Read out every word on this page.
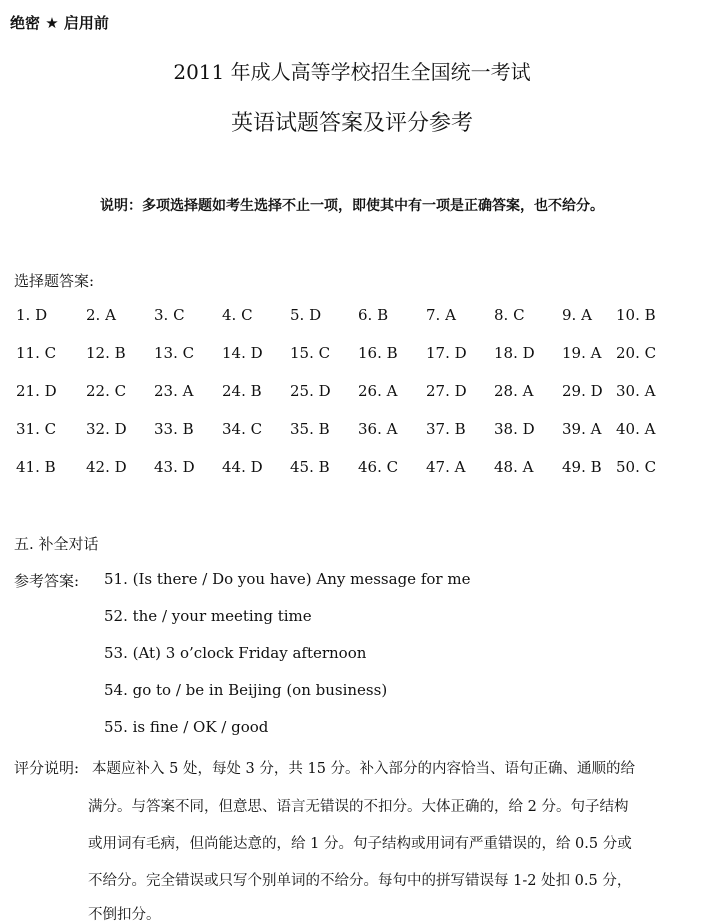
绝密 ★ 启用前
2011 年成人高等学校招生全国统一考试
英语试题答案及评分参考
说明：多项选择题如考生选择不止一项，即使其中有一项是正确答案，也不给分。
选择题答案:
1. D	2. A	3. C 4. C 5. D 6. B	7. A	8. C 9. A 10. B
11. C 12. B 13. C 14. D 15. C 16. B 17. D 18. D 19. A 20. C
21. D 22. C 23. A 24. B 25. D 26. A 27. D 28. A 29. D 30. A
31. C 32. D 33. B 34. C 35. B 36. A 37. B 38. D 39. A 40. A
41. B 42. D 43. D 44. D 45. B 46. C 47. A 48. A 49. B 50. C
五. 补全对话
参考答案: 51. (Is there / Do you have) Any message for me
52. the / your meeting time
53. (At) 3 o’clock Friday afternoon
54. go to / be in Beijing (on business)
55. is fine / OK / good
评分说明: 本题应补入 5 处，每处 3 分，共 15 分。补入部分的内容恰当、语句正确、通顺的给
满分。与答案不同，但意思、语言无错误的不扣分。大体正确的，给 2 分。句子结构
或用词有毛病，但尚能达意的，给 1 分。句子结构或用词有严重错误的，给 0.5 分或
不给分。完全错误或只写个别单词的不给分。每句中的拼写错误每 1-2 处扣 0.5 分，
不倒扣分。
